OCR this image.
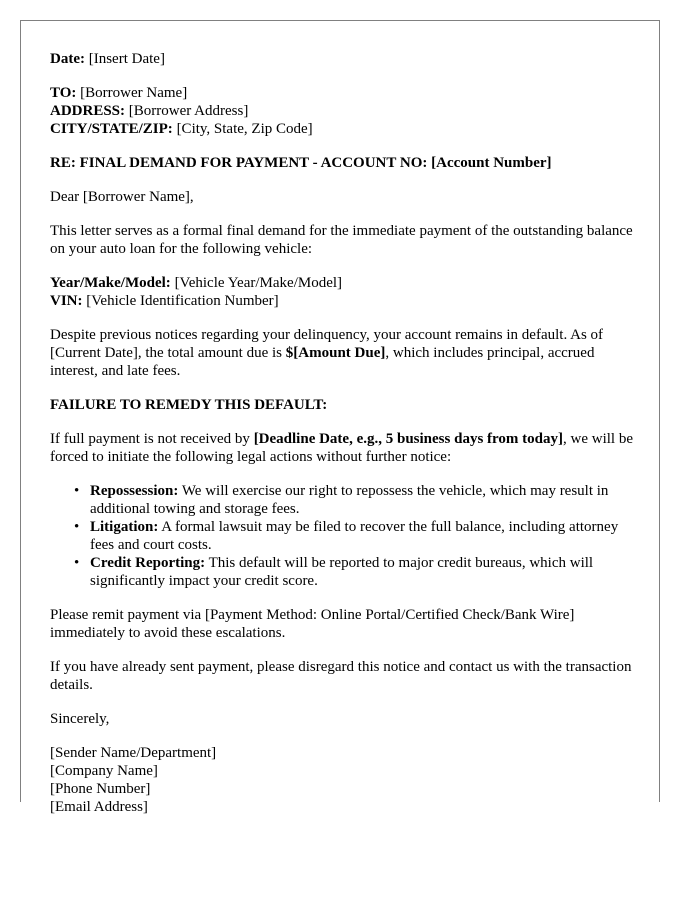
Date: [Insert Date]

TO: [Borrower Name]
ADDRESS: [Borrower Address]
CITY/STATE/ZIP: [City, State, Zip Code]

RE: FINAL DEMAND FOR PAYMENT - ACCOUNT NO: [Account Number]

Dear [Borrower Name],

This letter serves as a formal final demand for the immediate payment of the outstanding balance on your auto loan for the following vehicle:

Year/Make/Model: [Vehicle Year/Make/Model]
VIN: [Vehicle Identification Number]

Despite previous notices regarding your delinquency, your account remains in default. As of [Current Date], the total amount due is $[Amount Due], which includes principal, accrued interest, and late fees.

FAILURE TO REMEDY THIS DEFAULT:

If full payment is not received by [Deadline Date, e.g., 5 business days from today], we will be forced to initiate the following legal actions without further notice:

• Repossession: We will exercise our right to repossess the vehicle, which may result in additional towing and storage fees.
• Litigation: A formal lawsuit may be filed to recover the full balance, including attorney fees and court costs.
• Credit Reporting: This default will be reported to major credit bureaus, which will significantly impact your credit score.

Please remit payment via [Payment Method: Online Portal/Certified Check/Bank Wire] immediately to avoid these escalations.

If you have already sent payment, please disregard this notice and contact us with the transaction details.

Sincerely,

[Sender Name/Department]
[Company Name]
[Phone Number]
[Email Address]
